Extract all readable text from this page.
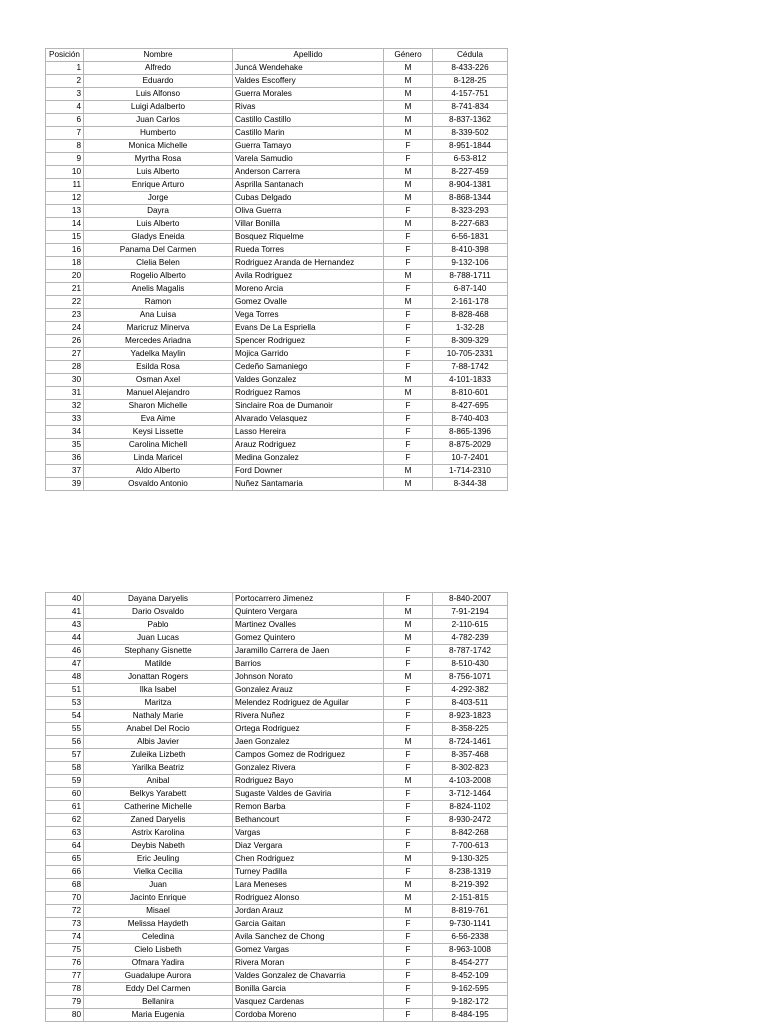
Posición	Nombre	Apellido	Género	Cédula
1	Alfredo	Juncá Wendehake	M	8-433-226
2	Eduardo	Valdes Escoffery	M	8-128-25
3	Luis Alfonso	Guerra Morales	M	4-157-751
4	Luigi Adalberto	Rivas	M	8-741-834
6	Juan Carlos	Castillo Castillo	M	8-837-1362
7	Humberto	Castillo Marin	M	8-339-502
8	Monica Michelle	Guerra Tamayo	F	8-951-1844
9	Myrtha Rosa	Varela Samudio	F	6-53-812
10	Luis Alberto	Anderson Carrera	M	8-227-459
11	Enrique Arturo	Asprilla Santanach	M	8-904-1381
12	Jorge	Cubas Delgado	M	8-868-1344
13	Dayra	Oliva Guerra	F	8-323-293
14	Luis Alberto	Villar Bonilla	M	8-227-683
15	Gladys Eneida	Bosquez Riquelme	F	6-56-1831
16	Panama Del Carmen	Rueda Torres	F	8-410-398
18	Clelia Belen	Rodriguez Aranda de Hernandez	F	9-132-106
20	Rogelio Alberto	Avila Rodriguez	M	8-788-1711
21	Anelis Magalis	Moreno Arcia	F	6-87-140
22	Ramon	Gomez Ovalle	M	2-161-178
23	Ana Luisa	Vega Torres	F	8-828-468
24	Maricruz Minerva	Evans De La Espriella	F	1-32-28
26	Mercedes Ariadna	Spencer Rodriguez	F	8-309-329
27	Yadelka Maylin	Mojica Garrido	F	10-705-2331
28	Esilda Rosa	Cedeño Samaniego	F	7-88-1742
30	Osman Axel	Valdes Gonzalez	M	4-101-1833
31	Manuel Alejandro	Rodriguez Ramos	M	8-810-601
32	Sharon Michelle	Sinclaire Roa de Dumanoir	F	8-427-695
33	Eva Aime	Alvarado Velasquez	F	8-740-403
34	Keysi Lissette	Lasso Hereira	F	8-865-1396
35	Carolina Michell	Arauz Rodriguez	F	8-875-2029
36	Linda Maricel	Medina Gonzalez	F	10-7-2401
37	Aldo Alberto	Ford Downer	M	1-714-2310
39	Osvaldo Antonio	Nuñez Santamaria	M	8-344-38
40	Dayana Daryelis	Portocarrero Jimenez	F	8-840-2007
41	Dario Osvaldo	Quintero Vergara	M	7-91-2194
43	Pablo	Martinez Ovalles	M	2-110-615
44	Juan Lucas	Gomez Quintero	M	4-782-239
46	Stephany Gisnette	Jaramillo Carrera de Jaen	F	8-787-1742
47	Matilde	Barrios	F	8-510-430
48	Jonattan Rogers	Johnson Norato	M	8-756-1071
51	Ilka Isabel	Gonzalez Arauz	F	4-292-382
53	Maritza	Melendez Rodriguez de Aguilar	F	8-403-511
54	Nathaly Marie	Rivera Nuñez	F	8-923-1823
55	Anabel Del Rocio	Ortega Rodriguez	F	8-358-225
56	Albis Javier	Jaen Gonzalez	M	8-724-1461
57	Zuleika Lizbeth	Campos Gomez de Rodriguez	F	8-357-468
58	Yarilka Beatriz	Gonzalez Rivera	F	8-302-823
59	Anibal	Rodriguez Bayo	M	4-103-2008
60	Belkys Yarabett	Sugaste Valdes de Gaviria	F	3-712-1464
61	Catherine Michelle	Remon Barba	F	8-824-1102
62	Zaned Daryelis	Bethancourt	F	8-930-2472
63	Astrix Karolina	Vargas	F	8-842-268
64	Deybis Nabeth	Diaz Vergara	F	7-700-613
65	Eric Jeuling	Chen Rodriguez	M	9-130-325
66	Vielka Cecilia	Turney Padilla	F	8-238-1319
68	Juan	Lara Meneses	M	8-219-392
70	Jacinto Enrique	Rodriguez Alonso	M	2-151-815
72	Misael	Jordan Arauz	M	8-819-761
73	Melissa Haydeth	Garcia Gaitan	F	9-730-1141
74	Celedina	Avila Sanchez de Chong	F	6-56-2338
75	Cielo Lisbeth	Gomez Vargas	F	8-963-1008
76	Ofmara Yadira	Rivera Moran	F	8-454-277
77	Guadalupe Aurora	Valdes Gonzalez de Chavarria	F	8-452-109
78	Eddy Del Carmen	Bonilla Garcia	F	9-162-595
79	Bellanira	Vasquez Cardenas	F	9-182-172
80	Maria Eugenia	Cordoba Moreno	F	8-484-195
